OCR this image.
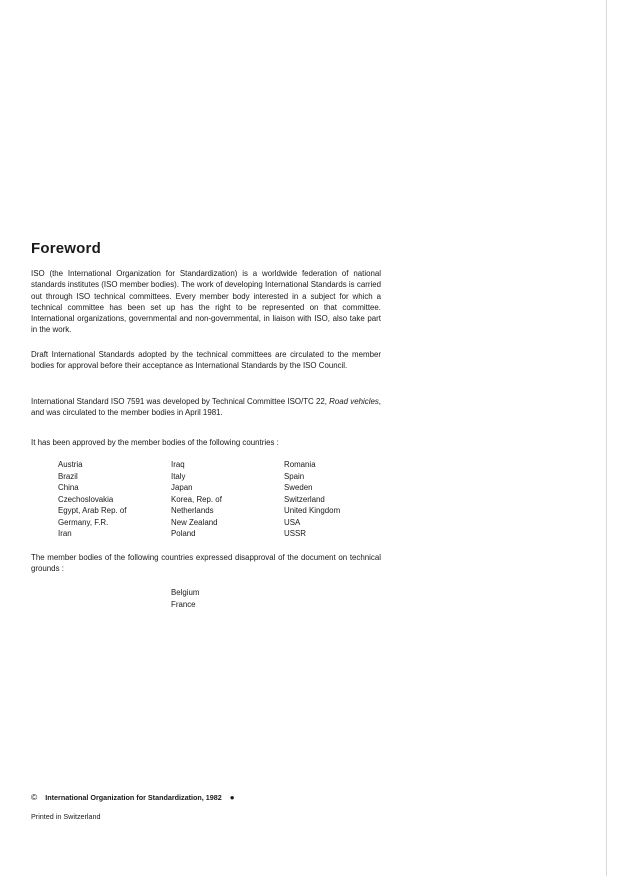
Foreword

ISO (the International Organization for Standardization) is a worldwide federation of national standards institutes (ISO member bodies). The work of developing International Standards is carried out through ISO technical committees. Every member body interested in a subject for which a technical committee has been set up has the right to be represented on that committee. International organizations, governmental and non-governmental, in liaison with ISO, also take part in the work.

Draft International Standards adopted by the technical committees are circulated to the member bodies for approval before their acceptance as International Standards by the ISO Council.

International Standard ISO 7591 was developed by Technical Committee ISO/TC 22, Road vehicles, and was circulated to the member bodies in April 1981.

It has been approved by the member bodies of the following countries :

Austria
Brazil
China
Czechoslovakia
Egypt, Arab Rep. of
Germany, F.R.
Iran
Iraq
Italy
Japan
Korea, Rep. of
Netherlands
New Zealand
Poland
Romania
Spain
Sweden
Switzerland
United Kingdom
USA
USSR

The member bodies of the following countries expressed disapproval of the document on technical grounds :

Belgium
France
© International Organization for Standardization, 1982 ●
Printed in Switzerland
